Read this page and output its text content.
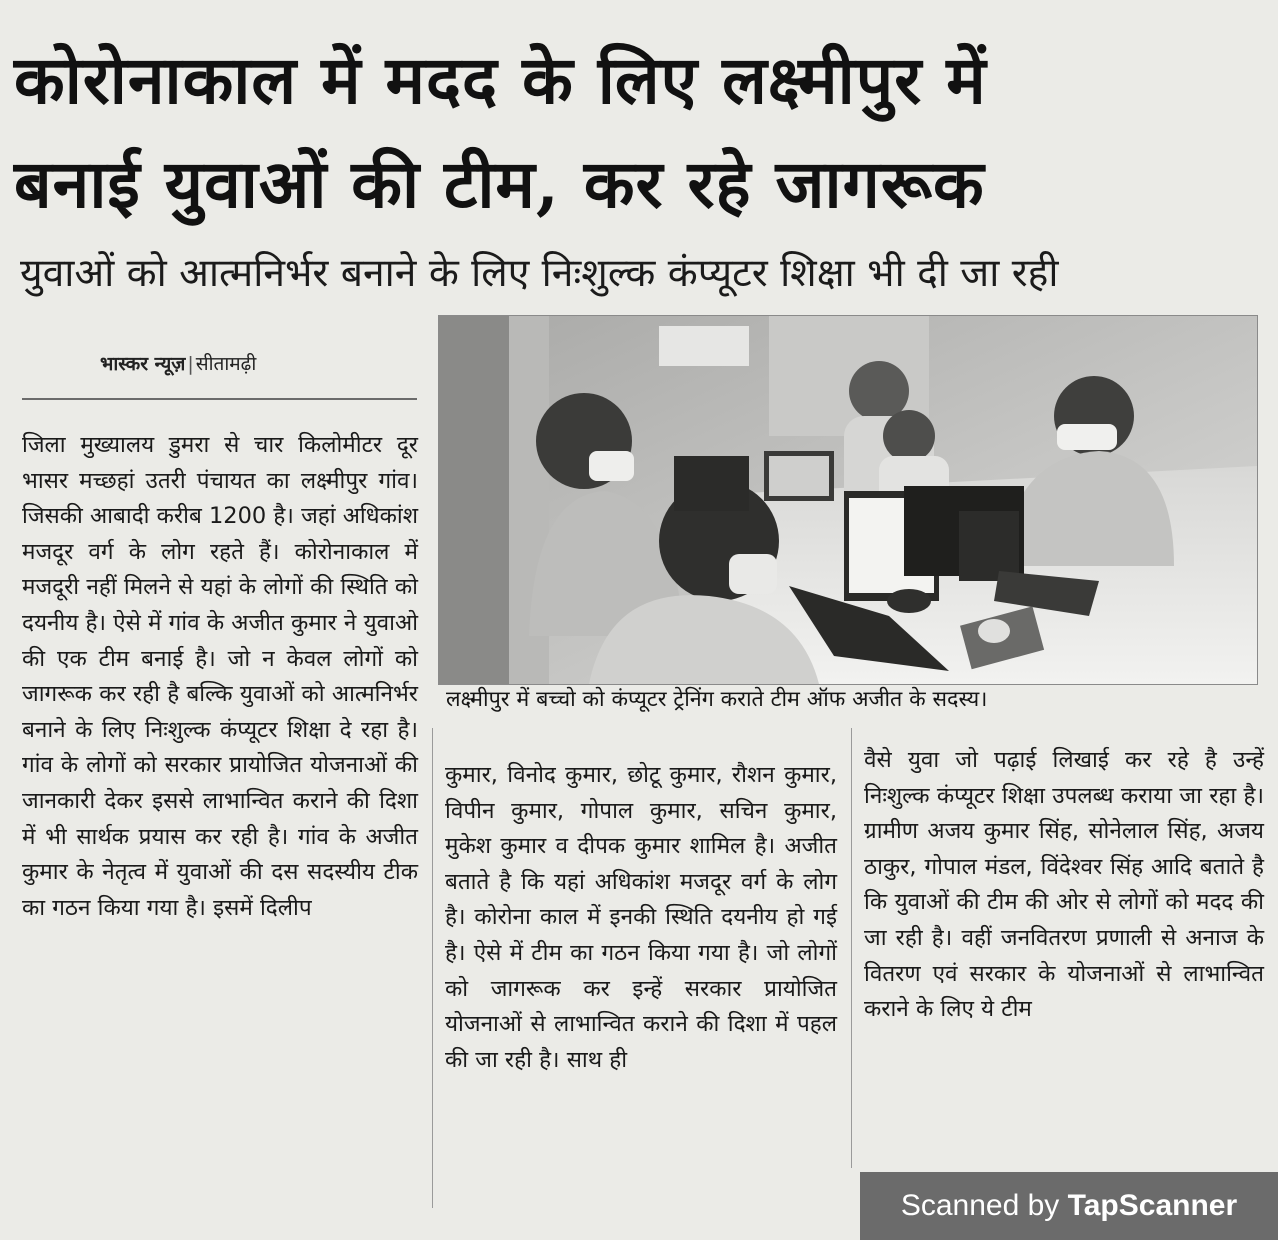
कोरोनाकाल में मदद के लिए लक्ष्मीपुर में
बनाई युवाओं की टीम, कर रहे जागरूक
युवाओं को आत्मनिर्भर बनाने के लिए निःशुल्क कंप्यूटर शिक्षा भी दी जा रही
भास्कर न्यूज़ | सीतामढ़ी
लक्ष्मीपुर में बच्चो को कंप्यूटर ट्रेनिंग कराते टीम ऑफ अजीत के सदस्य।
जिला मुख्यालय डुमरा से चार किलोमीटर दूर भासर मच्छहां उतरी पंचायत का लक्ष्मीपुर गांव। जिसकी आबादी करीब 1200 है। जहां अधिकांश मजदूर वर्ग के लोग रहते हैं। कोरोनाकाल में मजदूरी नहीं मिलने से यहां के लोगों की स्थिति को दयनीय है। ऐसे में गांव के अजीत कुमार ने युवाओ की एक टीम बनाई है। जो न केवल लोगों को जागरूक कर रही है बल्कि युवाओं को आत्मनिर्भर बनाने के लिए निःशुल्क कंप्यूटर शिक्षा दे रहा है। गांव के लोगों को सरकार प्रायोजित योजनाओं की जानकारी देकर इससे लाभान्वित कराने की दिशा में भी सार्थक प्रयास कर रही है। गांव के अजीत कुमार के नेतृत्व में युवाओं की दस सदस्यीय टीक का गठन किया गया है। इसमें दिलीप
कुमार, विनोद कुमार, छोटू कुमार, रौशन कुमार, विपीन कुमार, गोपाल कुमार, सचिन कुमार, मुकेश कुमार व दीपक कुमार शामिल है। अजीत बताते है कि यहां अधिकांश मजदूर वर्ग के लोग है। कोरोना काल में इनकी स्थिति दयनीय हो गई है। ऐसे में टीम का गठन किया गया है। जो लोगों को जागरूक कर इन्हें सरकार प्रायोजित योजनाओं से लाभान्वित कराने की दिशा में पहल की जा रही है। साथ ही
वैसे युवा जो पढ़ाई लिखाई कर रहे है उन्हें निःशुल्क कंप्यूटर शिक्षा उपलब्ध कराया जा रहा है। ग्रामीण अजय कुमार सिंह, सोनेलाल सिंह, अजय ठाकुर, गोपाल मंडल, विंदेश्वर सिंह आदि बताते है कि युवाओं की टीम की ओर से लोगों को मदद की जा रही है। वहीं जनवितरण प्रणाली से अनाज के वितरण एवं सरकार के योजनाओं से लाभान्वित कराने के लिए ये टीम
Scanned by TapScanner
